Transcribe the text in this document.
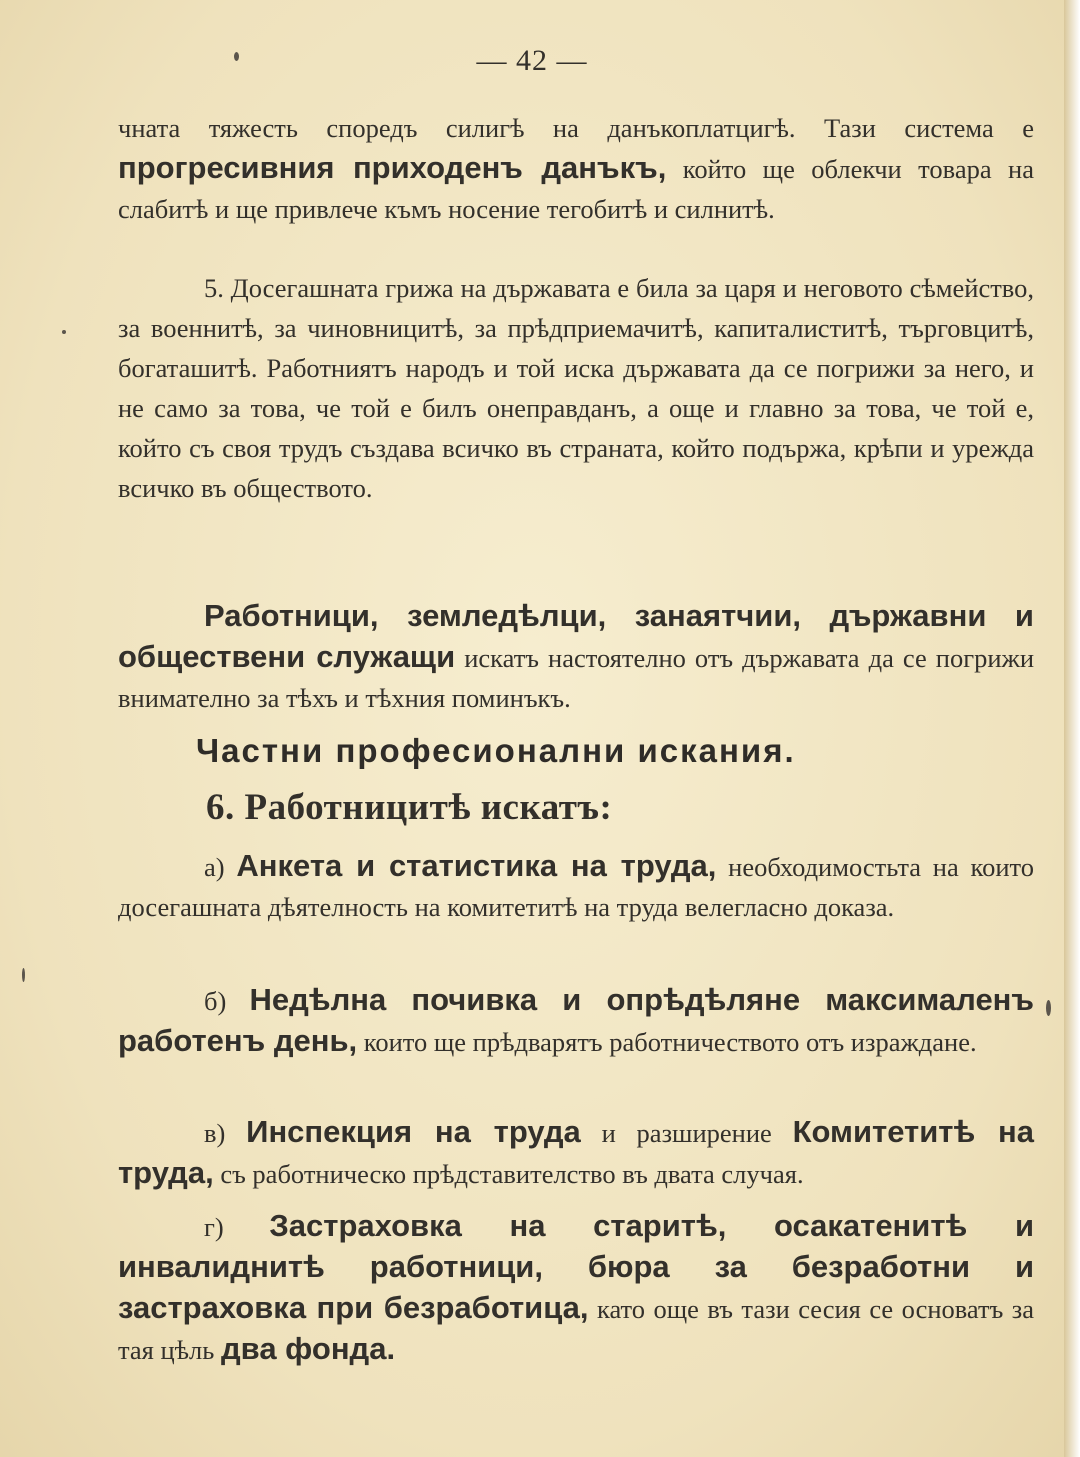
— 42 —

чната тяжесть споредъ силигѣ на данъкоплатцигѣ. Тази система е прогресивния приходенъ данъкъ, който ще облекчи товара на слабитѣ и ще привлече къмъ носение тегобитѣ и силнитѣ.

5. Досегашната грижа на държавата е била за царя и неговото сѣмейство, за военнитѣ, за чиновницитѣ, за прѣдприемачитѣ, капиталиститѣ, търговцитѣ, богаташитѣ. Работниятъ народъ и той иска държавата да се погрижи за него, и не само за това, че той е билъ онеправданъ, а още и главно за това, че той е, който съ своя трудъ създава всичко въ страната, който подържа, крѣпи и урежда всичко въ обществото.

Работници, земледѣлци, занаятчии, държавни и обществени служащи искатъ настоятелно отъ държавата да се погрижи внимателно за тѣхъ и тѣхния поминъкъ.

Частни професионални искания.
6. Работницитѣ искатъ:

а) Анкета и статистика на труда, необходимостьта на които досегашната дѣятелность на комитетитѣ на труда велегласно доказа.

б) Недѣлна почивка и опрѣдѣляне максималенъ работенъ день, които ще прѣдварятъ работничеството отъ израждане.

в) Инспекция на труда и разширение Комитетитѣ на труда, съ работническо прѣдставителство въ двата случая.

г) Застраховка на старитѣ, осакатенитѣ и инвалиднитѣ работници, бюра за безработни и застраховка при безработица, като още въ тази сесия се основатъ за тая цѣль два фонда.
